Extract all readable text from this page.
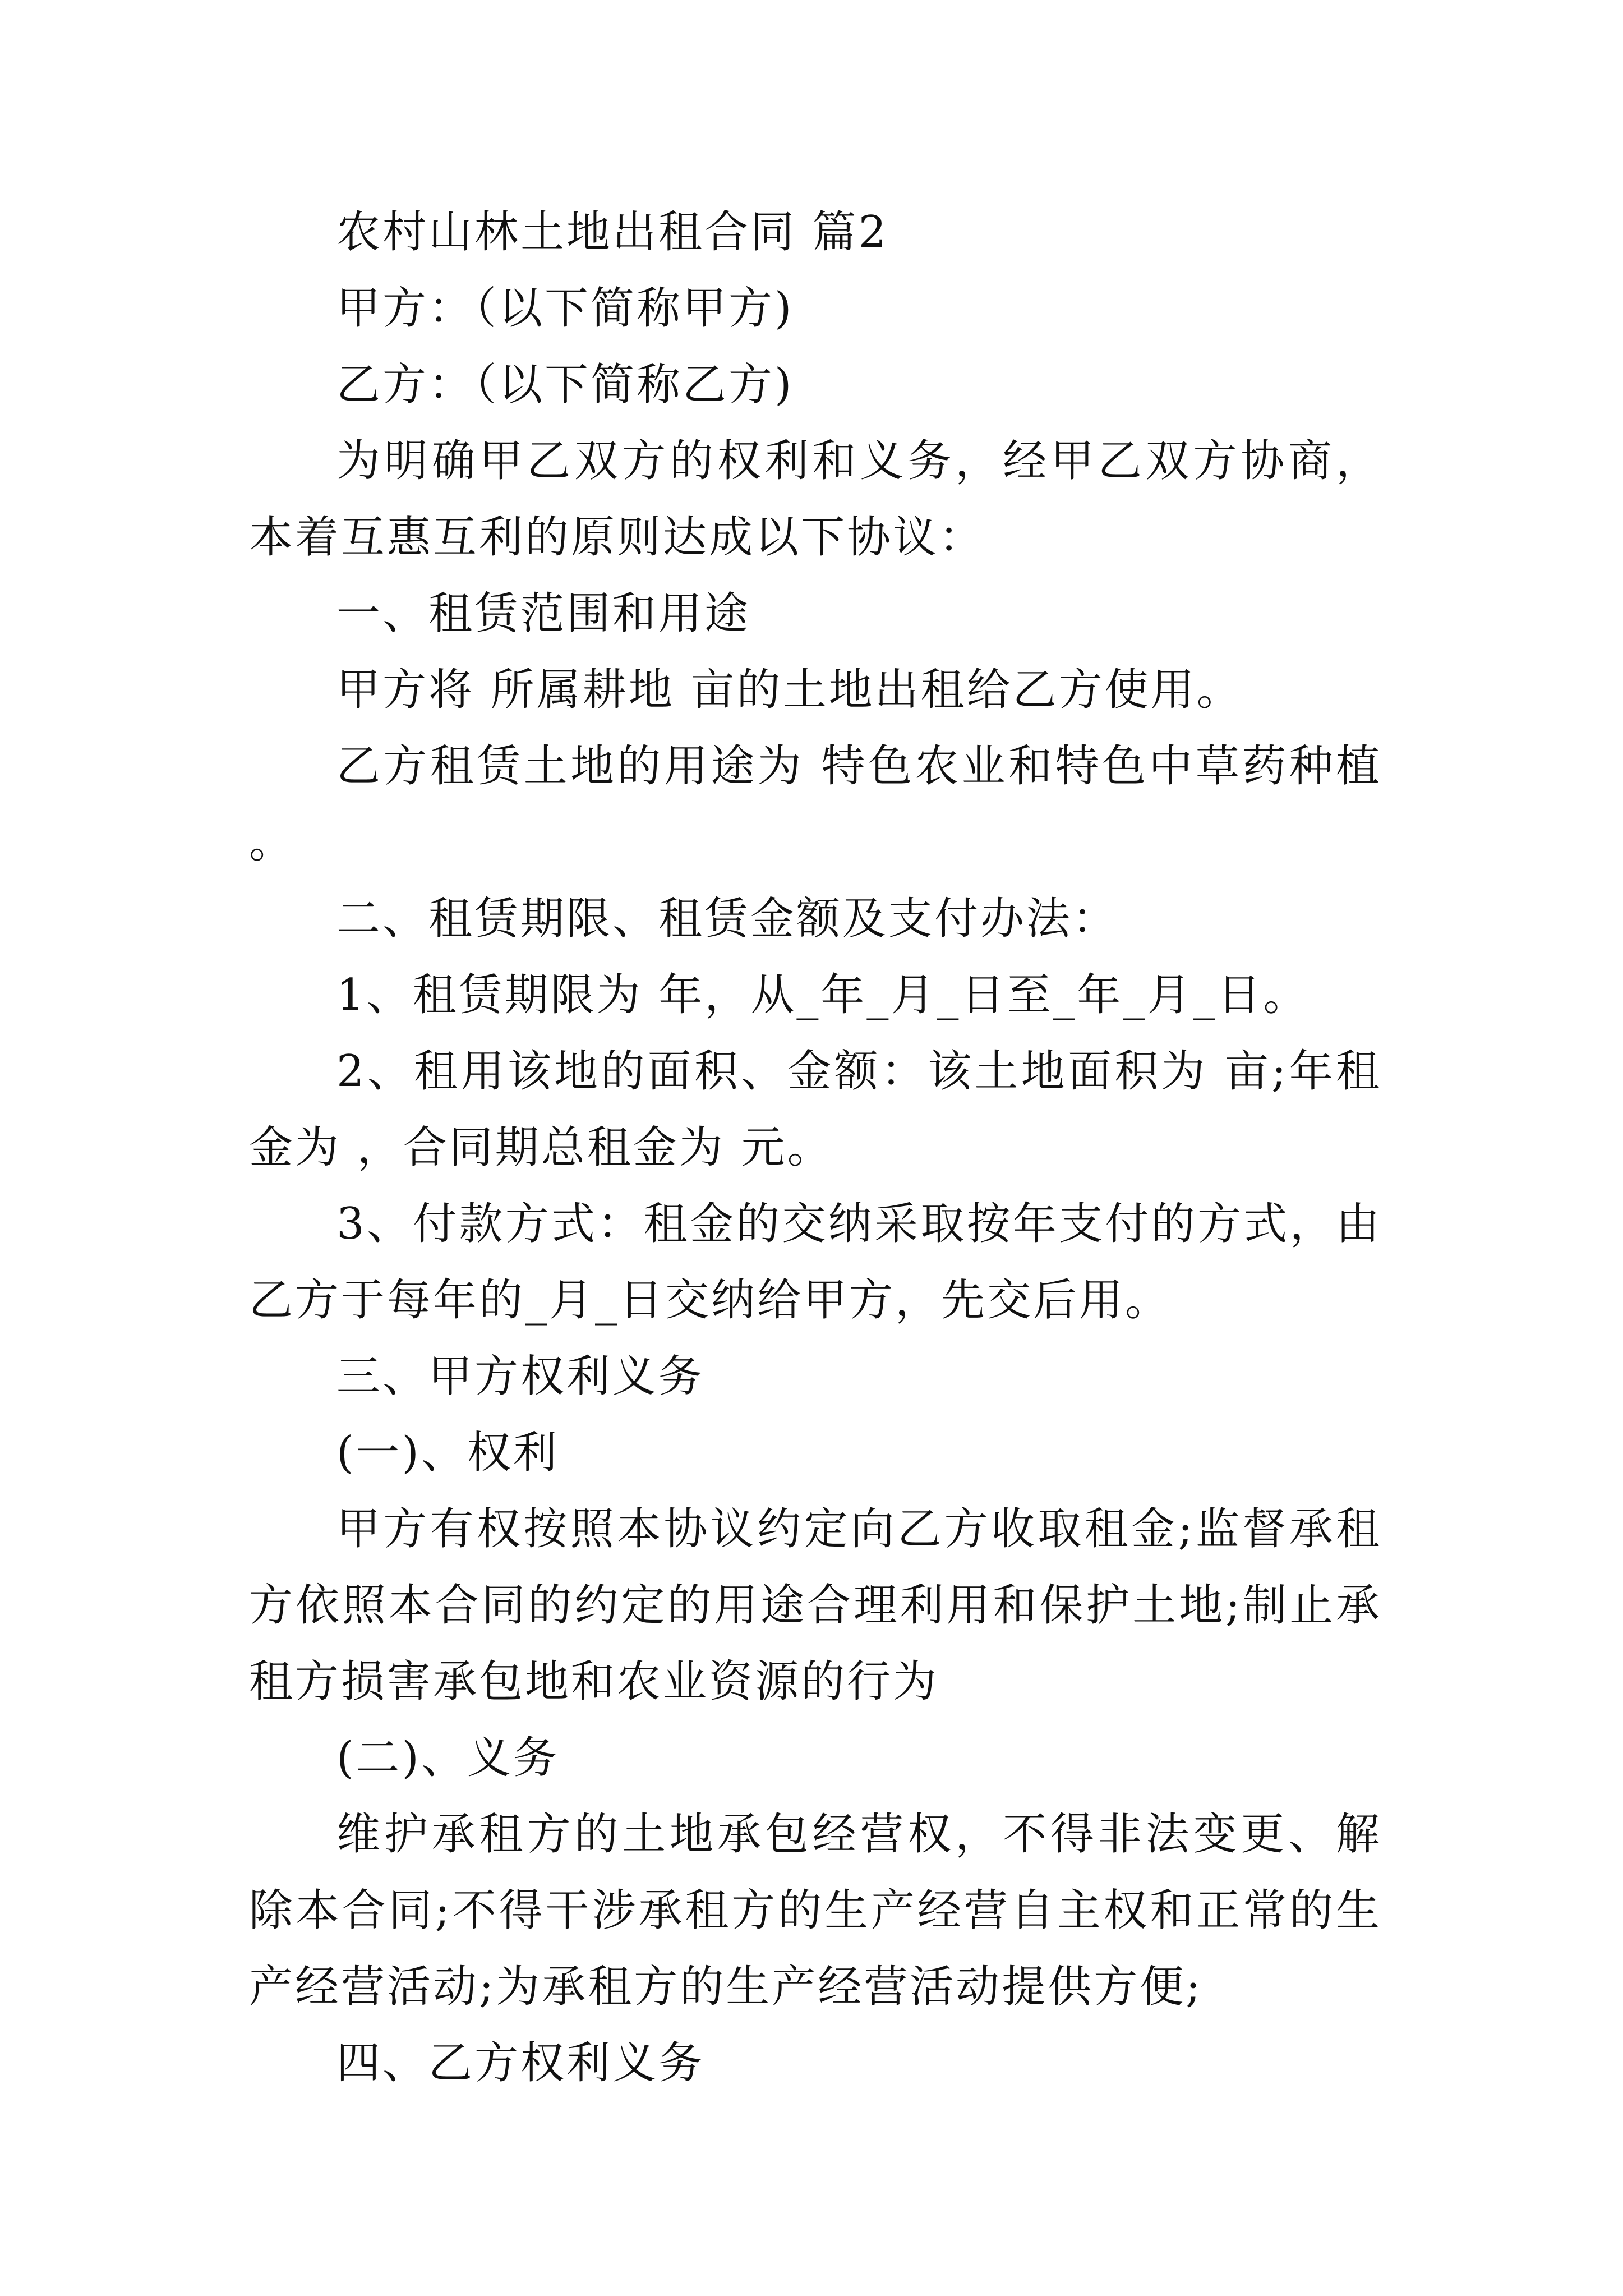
农村山林土地出租合同 篇2

甲方：（以下简称甲方)

乙方：（以下简称乙方)

为明确甲乙双方的权利和义务，经甲乙双方协商，本着互惠互利的原则达成以下协议：

一、租赁范围和用途

甲方将 所属耕地 亩的土地出租给乙方使用。

乙方租赁土地的用途为 特色农业和特色中草药种植 。

二、租赁期限、租赁金额及支付办法：

1、租赁期限为 年，从_年_月_日至_年_月_日。

2、租用该地的面积、金额：该土地面积为 亩;年租金为 ，合同期总租金为 元。

3、付款方式：租金的交纳采取按年支付的方式，由乙方于每年的_月_日交纳给甲方，先交后用。

三、甲方权利义务

(一)、权利

甲方有权按照本协议约定向乙方收取租金;监督承租方依照本合同的约定的用途合理利用和保护土地;制止承租方损害承包地和农业资源的行为

(二)、义务

维护承租方的土地承包经营权，不得非法变更、解除本合同;不得干涉承租方的生产经营自主权和正常的生产经营活动;为承租方的生产经营活动提供方便;

四、乙方权利义务
